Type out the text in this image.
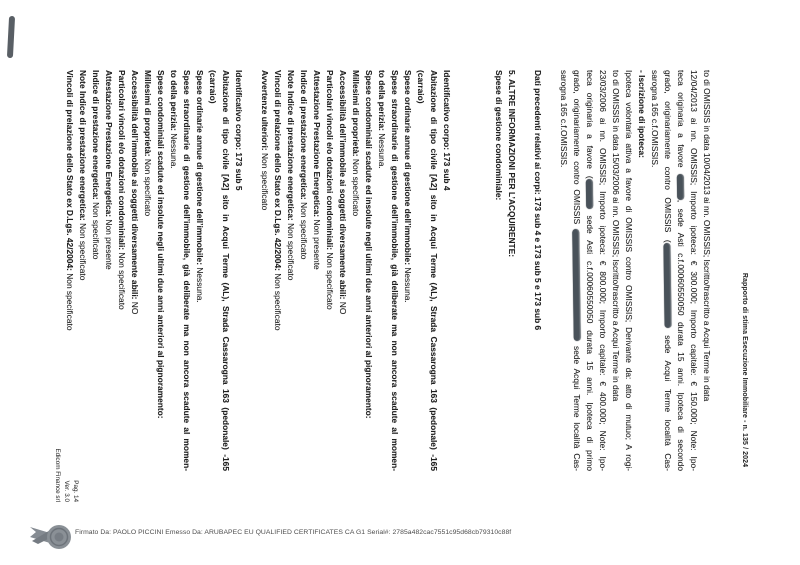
Rapporto di stima Esecuzione Immobiliare - n. 135 / 2024
to di OMISSIS in data 10/04/2013 ai nn. OMISSIS; Iscritto/trascritto a Acqui Terme in data
12/04/2013 ai nn. OMISSIS; Importo ipoteca: € 300.000; Importo capitale: € 150.000; Note: Ipo-
teca originaria a favore , sede Asti c.f.00060550050 durata 15 anni. Ipoteca di secondo
grado, originariamente contro OMISSIS ( sede Acqui Terme località Cas-
sarogna 165 c.f.OMISSIS.
- Iscrizione di ipoteca:
Ipoteca volontaria attiva a favore di OMISSIS contro OMISSIS; Derivante da: atto di mutuo; A rogi-
to di OMISSIS in data 15/03/2006 ai nn. OMISSIS; Iscritto/trascritto a Acqui Terme in data
23/03/2006 ai nn. OMISSIS; Importo ipoteca: € 800.000; Importo capitale: € 400.000; Note: Ipo-
teca originaria a favore ( sede Asti c.f.00060550050 durata 15 anni. Ipoteca di primo
grado, originariamente contro OMISSIS  sede Acqui Terme località Cas-
sarogna 165 c.f.OMISSIS.
Dati precedenti relativi ai corpi: 173 sub 4 e 173 sub 5 e 173 sub 6
5. ALTRE INFORMAZIONI PER L’ACQUIRENTE:
Spese di gestione condominiale:
Identificativo corpo: 173 sub 4
Abitazione di tipo civile [A2] sito in Acqui Terme (AL), Strada Cassarogna 163 (pedonale) -165
(carraio)
Spese ordinarie annue di gestione dell’immobile: Nessuna.
Spese straordinarie di gestione dell’immobile, già deliberate ma non ancora scadute al momen-
to della perizia: Nessuna.
Spese condominiali scadute ed insolute negli ultimi due anni anteriori al pignoramento:
Millesimi di proprietà: Non specificato
Accessibilità dell’immobile ai soggetti diversamente abili: NO
Particolari vincoli e/o dotazioni condominiali: Non specificato
Attestazione Prestazione Energetica: Non presente
Indice di prestazione energetica: Non specificato
Note Indice di prestazione energetica: Non specificato
Vincoli di prelazione dello Stato ex D.Lgs. 42/2004: Non specificato
Avvertenze ulteriori: Non specificato
Identificativo corpo: 173 sub 5
Abitazione di tipo civile [A2] sito in Acqui Terme (AL), Strada Cassarogna 163 (pedonale) -165
(carraio)
Spese ordinarie annue di gestione dell’immobile: Nessuna.
Spese straordinarie di gestione dell’immobile, già deliberate ma non ancora scadute al momen-
to della perizia: Nessuna.
Spese condominiali scadute ed insolute negli ultimi due anni anteriori al pignoramento:
Millesimi di proprietà: Non specificato
Accessibilità dell’immobile ai soggetti diversamente abili: NO
Particolari vincoli e/o dotazioni condominiali: Non specificato
Attestazione Prestazione Energetica: Non presente
Indice di prestazione energetica: Non specificato
Note Indice di prestazione energetica: Non specificato
Vincoli di prelazione dello Stato ex D.Lgs. 42/2004: Non specificato
Pag. 14
Ver. 3.0
Edicom Finance srl
Firmato Da: PAOLO PICCINI Emesso Da: ARUBAPEC EU QUALIFIED CERTIFICATES CA G1 Serial#: 2785a482cac7551c95d68cb79310c88f
